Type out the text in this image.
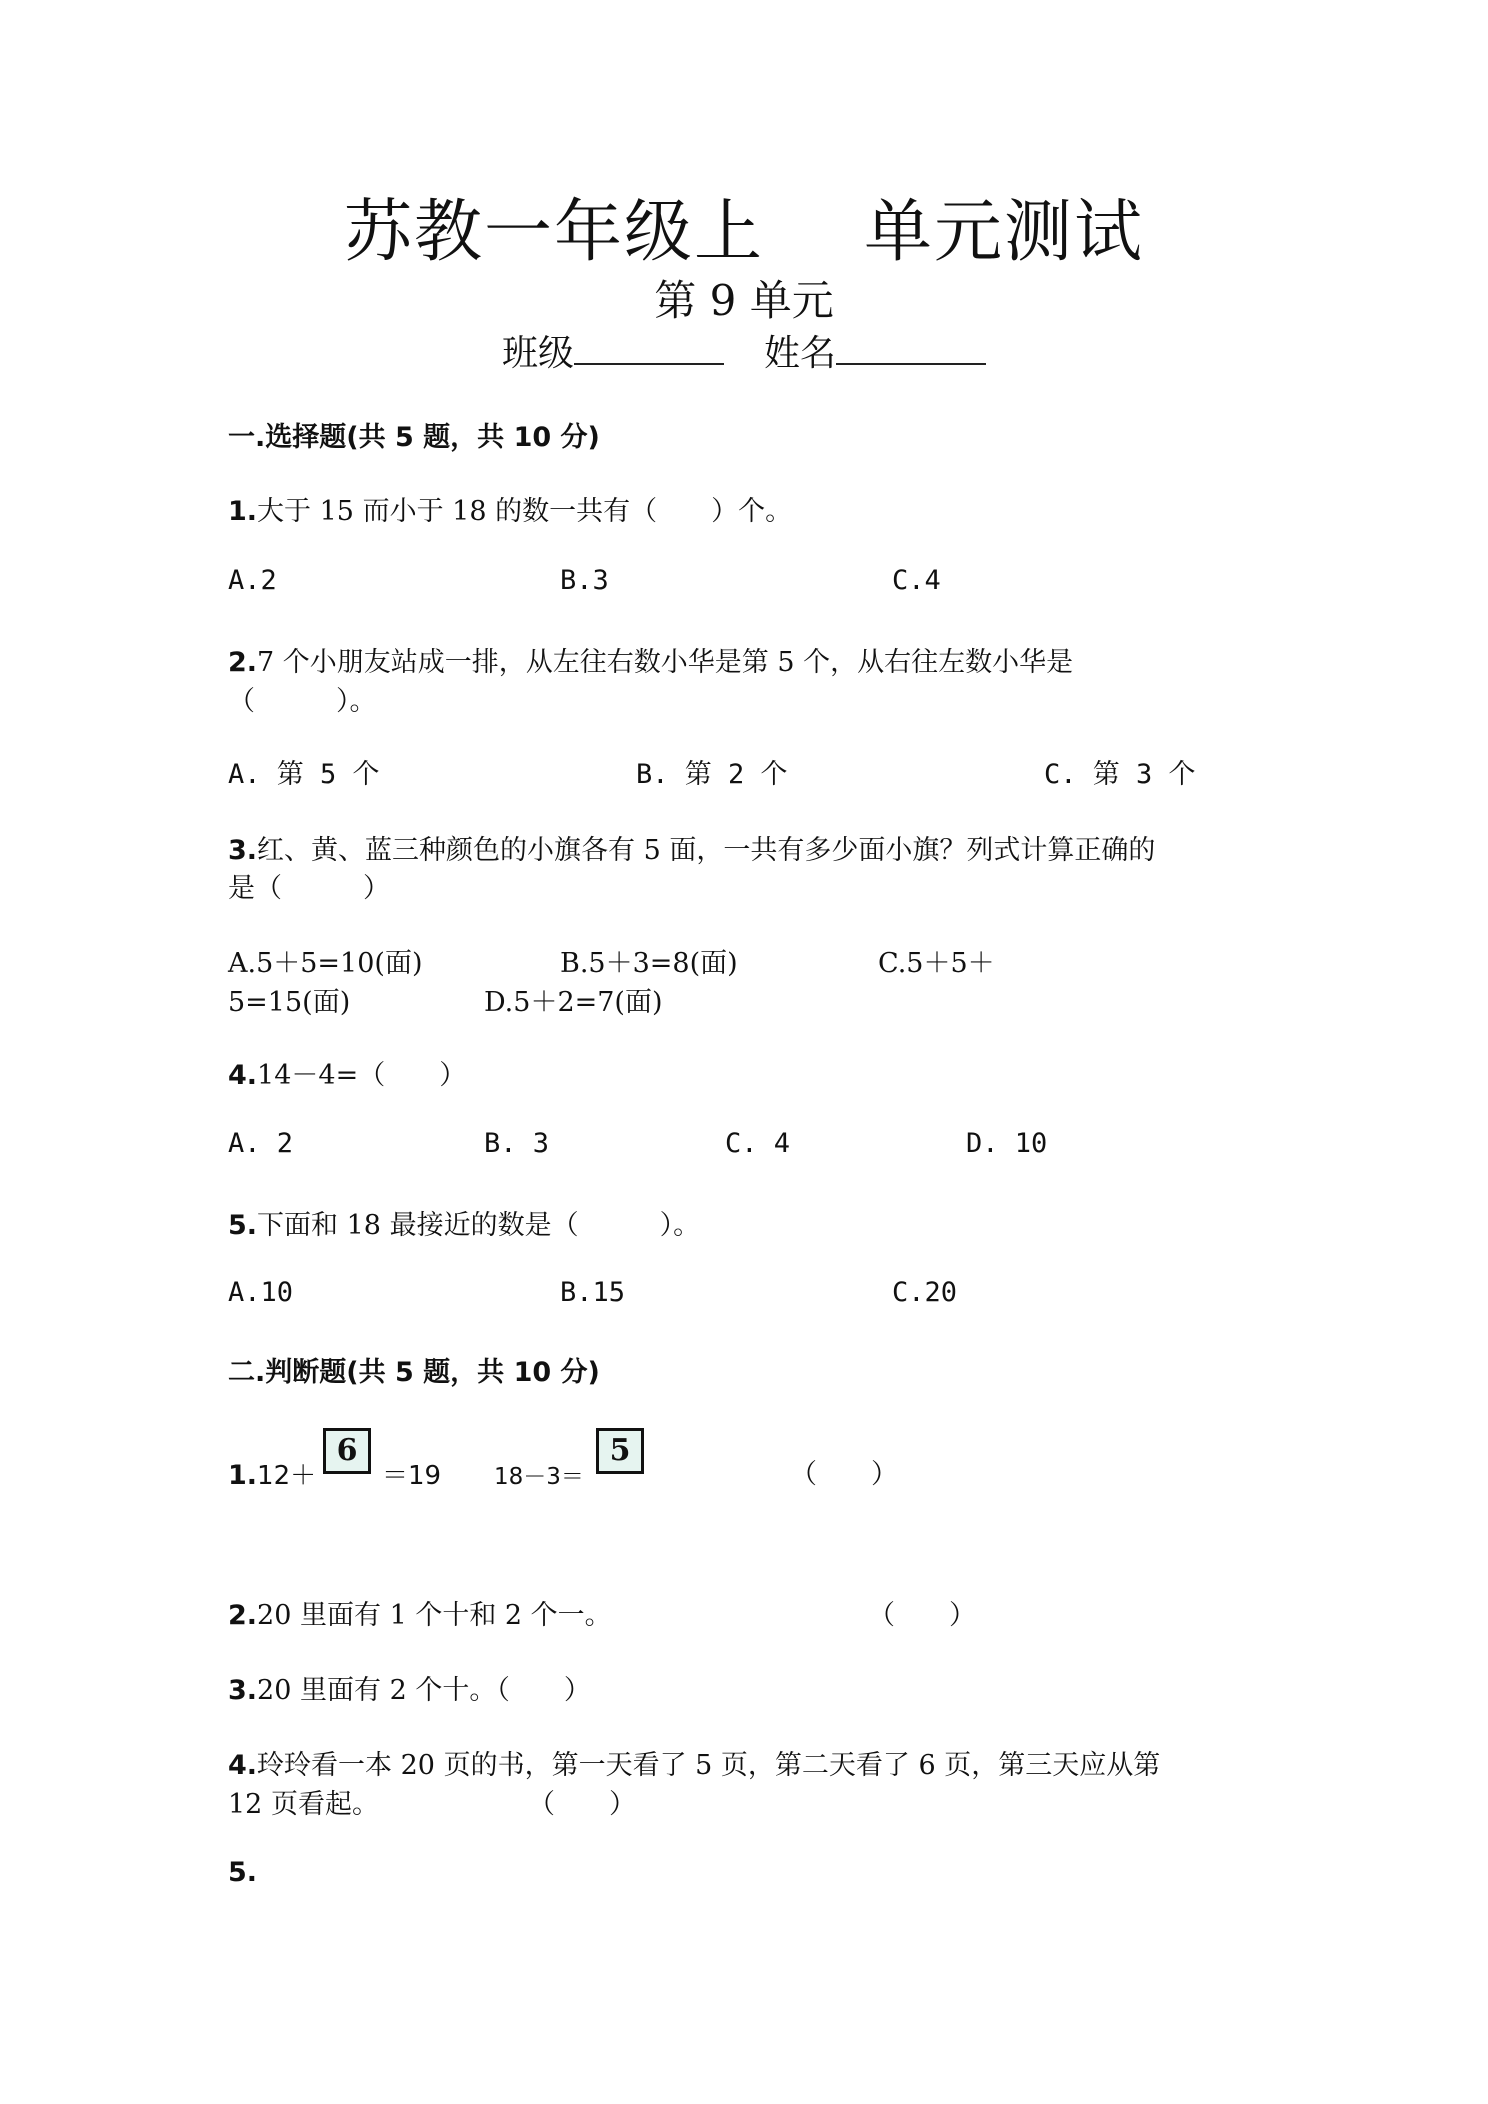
苏教一年级上 单元测试
第 9 单元
班级	姓名
一.选择题(共 5 题，共 10 分)
1.大于 15 而小于 18 的数一共有（　　）个。
A.2	B.3	C.4
2.7 个小朋友站成一排，从左往右数小华是第 5 个，从右往左数小华是
（　　　）。
A. 第 5 个	B. 第 2 个	C. 第 3 个
3.红、黄、蓝三种颜色的小旗各有 5 面，一共有多少面小旗？列式计算正确的
是（　　　）
A.5＋5=10(面)	B.5＋3=8(面)	C.5＋5＋
5=15(面)	D.5＋2=7(面)
4.14－4=（　　）
A. 2	B. 3	C. 4	D. 10
5.下面和 18 最接近的数是（　　　）。
A.10	B.15	C.20
二.判断题(共 5 题，共 10 分)
1.12＋
6
＝19 18－3＝
5
（　　）
2.20 里面有 1 个十和 2 个一。	（　　）
3.20 里面有 2 个十。（　　）
4.玲玲看一本 20 页的书，第一天看了 5 页，第二天看了 6 页，第三天应从第
12 页看起。	（　　）
5.
